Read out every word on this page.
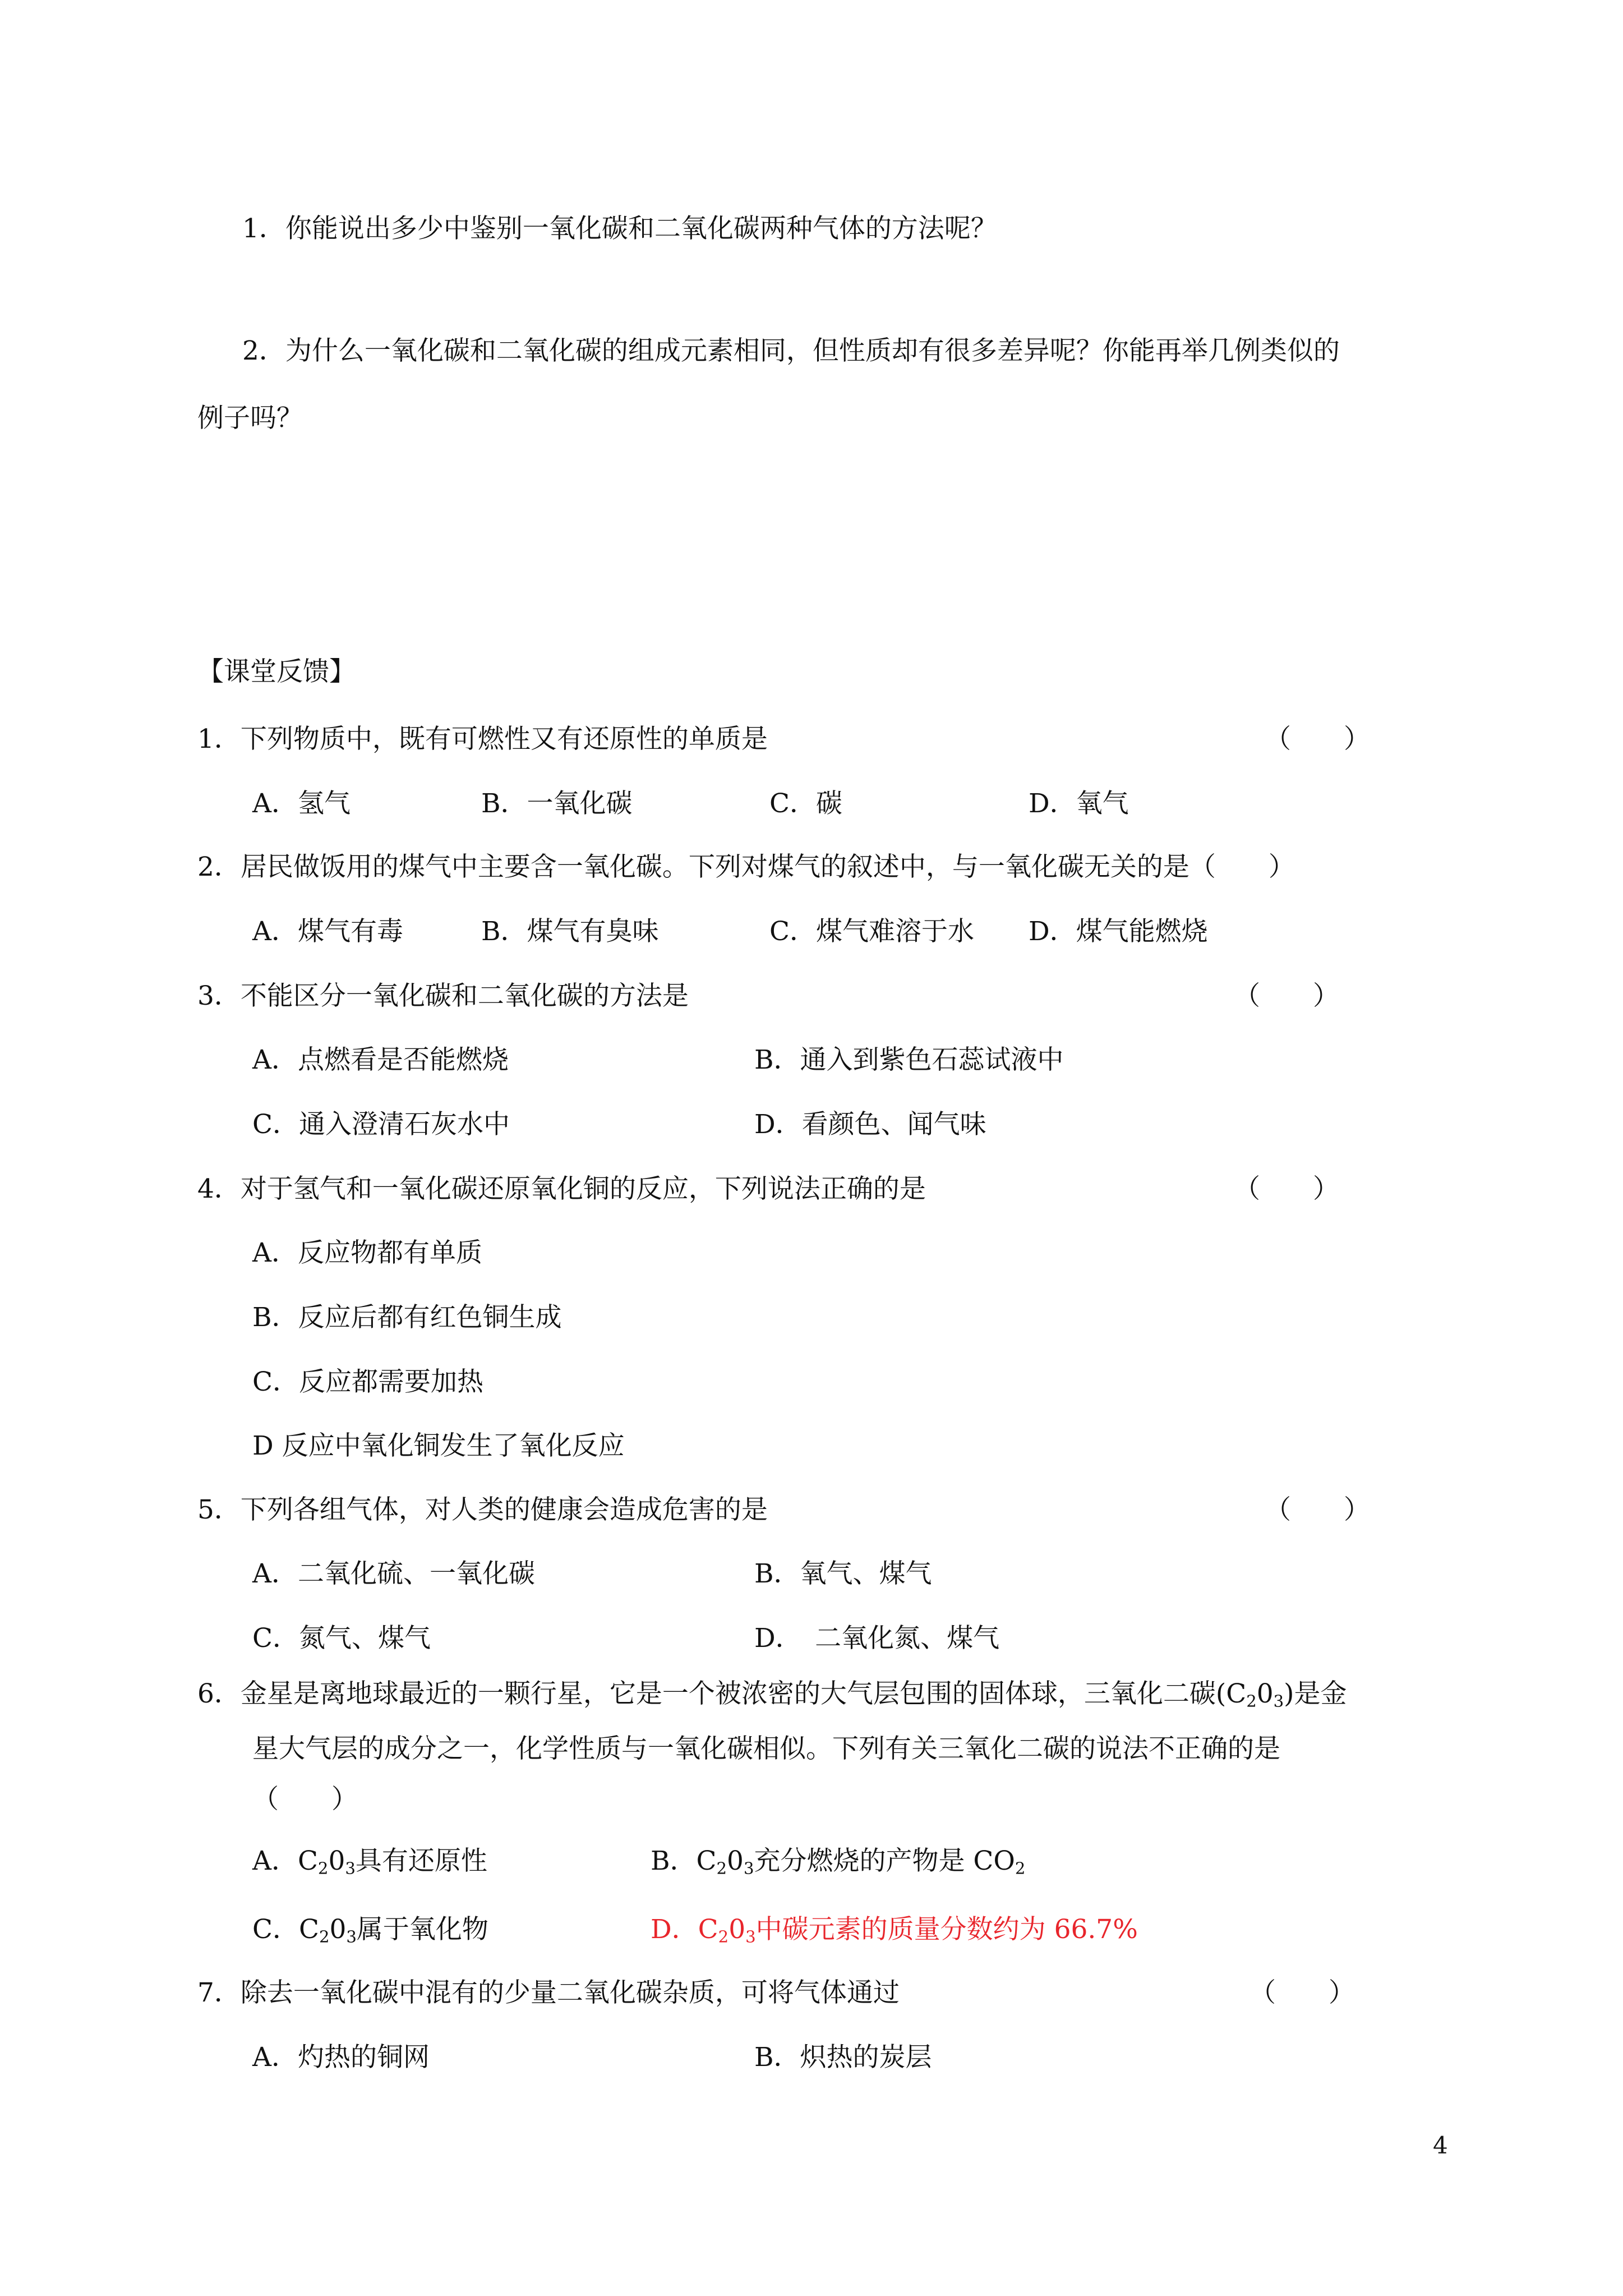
1．你能说出多少中鉴别一氧化碳和二氧化碳两种气体的方法呢？
2．为什么一氧化碳和二氧化碳的组成元素相同，但性质却有很多差异呢？你能再举几例类似的
例子吗？
【课堂反馈】
1．下列物质中，既有可燃性又有还原性的单质是	（　　）
A．氢气	B．一氧化碳	C．碳	D．氧气
2．居民做饭用的煤气中主要含一氧化碳。下列对煤气的叙述中，与一氧化碳无关的是（　　）
A．煤气有毒	B．煤气有臭味	C．煤气难溶于水 D．煤气能燃烧
3．不能区分一氧化碳和二氧化碳的方法是	（　　）
A．点燃看是否能燃烧	B．通入到紫色石蕊试液中
C．通入澄清石灰水中	D．看颜色、闻气味
4．对于氢气和一氧化碳还原氧化铜的反应，下列说法正确的是	（　　）
A．反应物都有单质
B．反应后都有红色铜生成
C．反应都需要加热
D 反应中氧化铜发生了氧化反应
5．下列各组气体，对人类的健康会造成危害的是	（　　）
A．二氧化硫、一氧化碳	B．氧气、煤气
C．氮气、煤气	D．　二氧化氮、煤气
6．金星是离地球最近的一颗行星，它是一个被浓密的大气层包围的固体球，三氧化二碳$(C_20_3)$是金
星大气层的成分之一，化学性质与一氧化碳相似。下列有关三氧化二碳的说法不正确的是
（　　）
A．$C_20_3$具有还原性	B．$C_20_3$充分燃烧的产物是 $CO_2$
C．$C_20_3$属于氧化物	D．$C_20_3$中碳元素的质量分数约为 66.7%
7．除去一氧化碳中混有的少量二氧化碳杂质，可将气体通过	（　　）
A．灼热的铜网	B．炽热的炭层
4
